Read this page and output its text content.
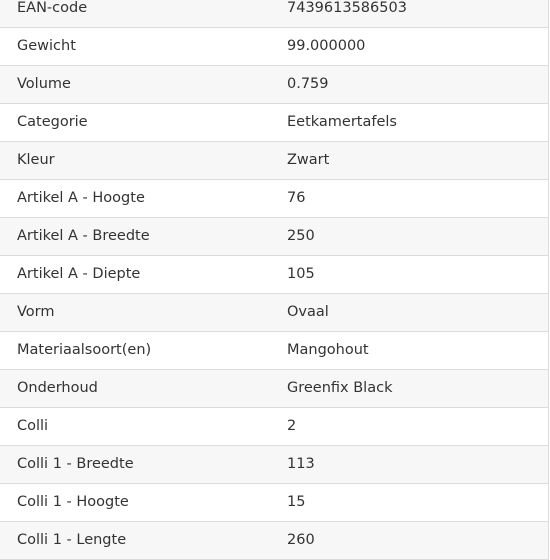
EAN-code	7439613586503
Gewicht	99.000000
Volume	0.759
Categorie	Eetkamertafels
Kleur	Zwart
Artikel A - Hoogte	76
Artikel A - Breedte	250
Artikel A - Diepte	105
Vorm	Ovaal
Materiaalsoort(en)	Mangohout
Onderhoud	Greenfix Black
Colli	2
Colli 1 - Breedte	113
Colli 1 - Hoogte	15
Colli 1 - Lengte	260
